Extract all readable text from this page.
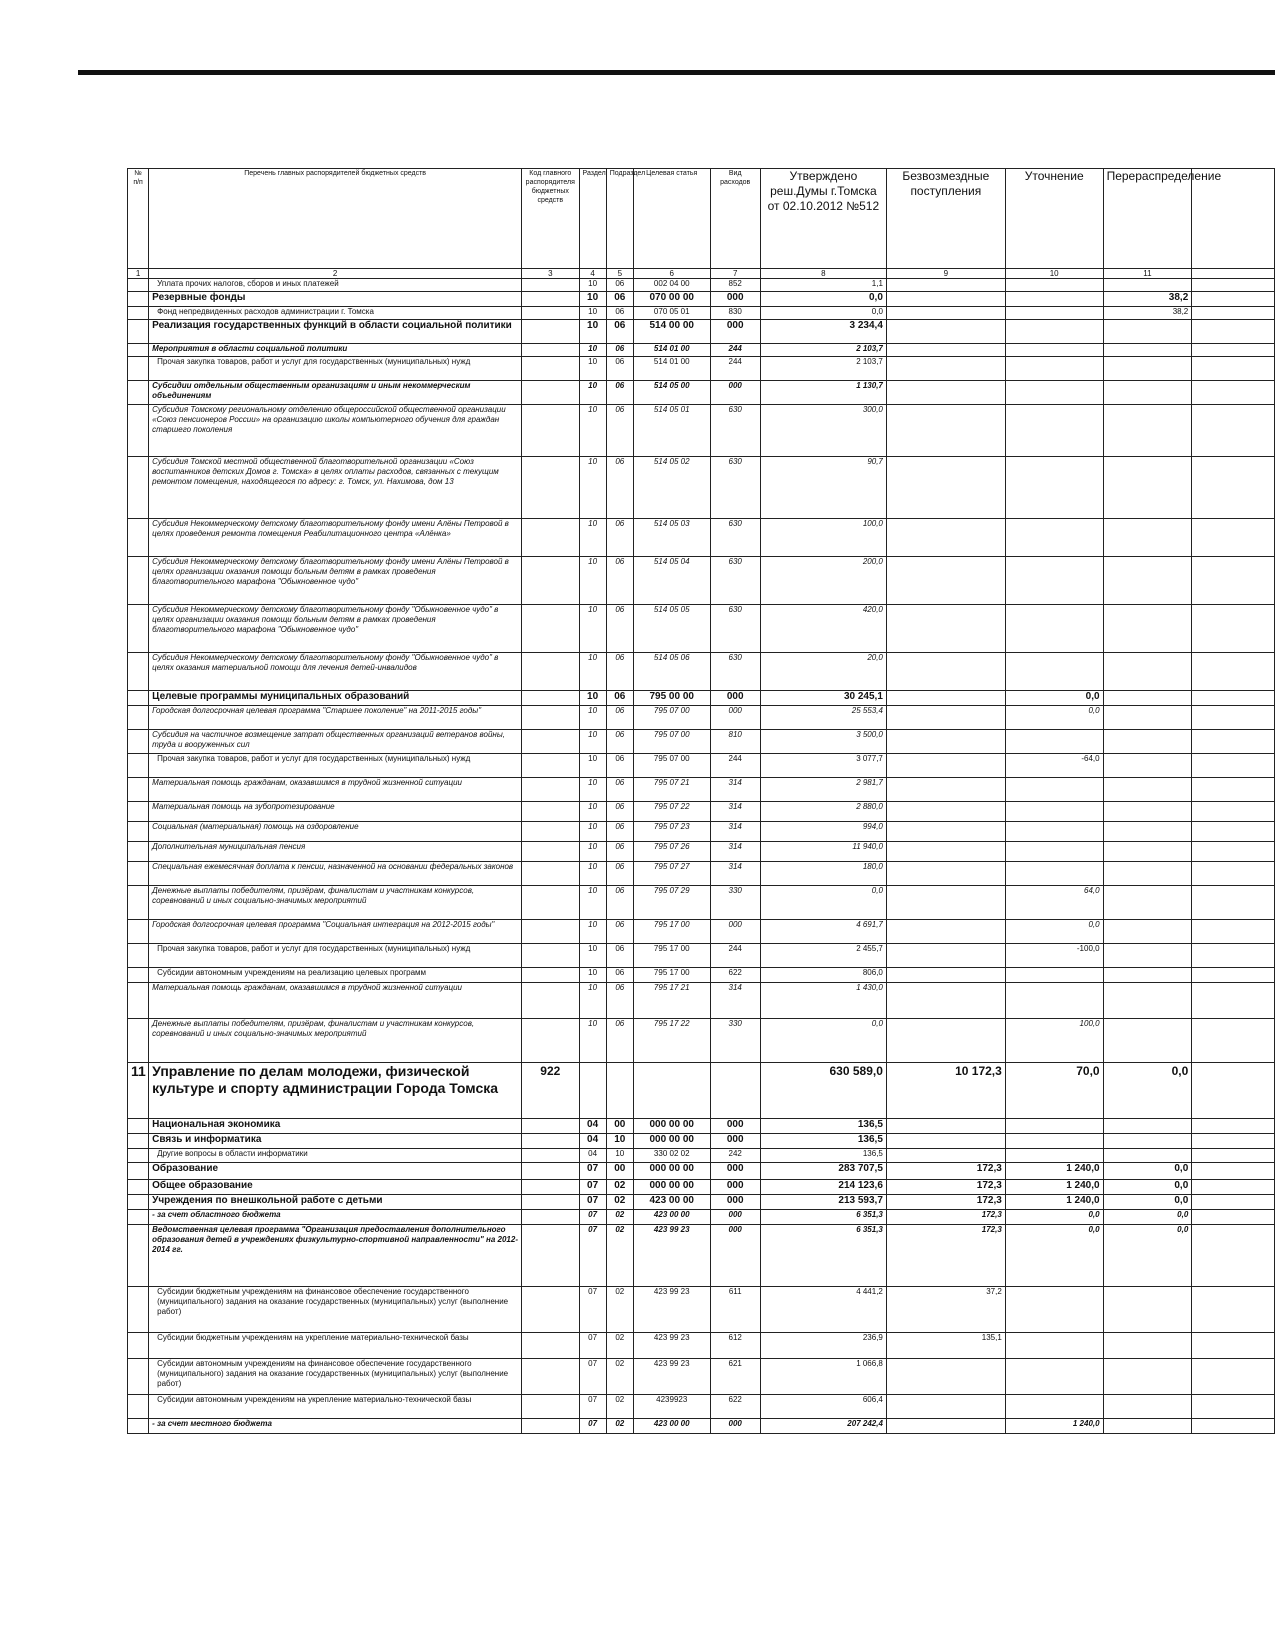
№ п/п	Перечень главных распорядителей бюджетных средств	Код главного распорядителя бюджетных средств	Раздел	Подраздел	Целевая статья	Вид расходов	Утверждено реш.Думы г.Томска от 02.10.2012 №512	Безвозмездные поступления	Уточнение	Перераспределение	
1	2	3	4	5	6	7	8	9	10	11	
	Уплата прочих налогов, сборов и иных платежей		10	06	002 04 00	852	1,1				
	Резервные фонды		10	06	070 00 00	000	0,0			38,2	
	Фонд непредвиденных расходов администрации г. Томска		10	06	070 05 01	830	0,0			38,2	
	Реализация государственных функций в области социальной политики		10	06	514 00 00	000	3 234,4				
	Мероприятия в области социальной политики		10	06	514 01 00	244	2 103,7				
	Прочая закупка товаров, работ и услуг для государственных (муниципальных) нужд		10	06	514 01 00	244	2 103,7				
	Субсидии отдельным общественным организациям и иным некоммерческим объединениям		10	06	514 05 00	000	1 130,7				
	Субсидия Томскому региональному отделению общероссийской общественной организации «Союз пенсионеров России» на организацию школы компьютерного обучения для граждан старшего поколения		10	06	514 05 01	630	300,0				
	Субсидия Томской местной общественной благотворительной организации «Союз воспитанников детских Домов г. Томска» в целях оплаты расходов, связанных с текущим ремонтом помещения, находящегося по адресу: г. Томск, ул. Нахимова, дом 13		10	06	514 05 02	630	90,7				
	Субсидия Некоммерческому детскому благотворительному фонду имени Алёны Петровой в целях проведения ремонта помещения Реабилитационного центра «Алёнка»		10	06	514 05 03	630	100,0				
	Субсидия Некоммерческому детскому благотворительному фонду имени Алёны Петровой в целях организации оказания помощи больным детям в рамках проведения благотворительного марафона "Обыкновенное чудо"		10	06	514 05 04	630	200,0				
	Субсидия Некоммерческому детскому благотворительному фонду "Обыкновенное чудо" в целях организации оказания помощи больным детям в рамках проведения благотворительного марафона "Обыкновенное чудо"		10	06	514 05 05	630	420,0				
	Субсидия Некоммерческому детскому благотворительному фонду "Обыкновенное чудо" в целях оказания материальной помощи для лечения детей-инвалидов		10	06	514 05 06	630	20,0				
	Целевые программы муниципальных образований		10	06	795 00 00	000	30 245,1		0,0		
	Городская долгосрочная целевая программа "Старшее поколение" на 2011-2015 годы"		10	06	795 07 00	000	25 553,4		0,0		
	Субсидия на частичное возмещение затрат общественных организаций ветеранов войны, труда и вооруженных сил		10	06	795 07 00	810	3 500,0				
	Прочая закупка товаров, работ и услуг для государственных (муниципальных) нужд		10	06	795 07 00	244	3 077,7		-64,0		
	Материальная помощь гражданам, оказавшимся в трудной жизненной ситуации		10	06	795 07 21	314	2 981,7				
	Материальная помощь на зубопротезирование		10	06	795 07 22	314	2 880,0				
	Социальная (материальная) помощь на оздоровление		10	06	795 07 23	314	994,0				
	Дополнительная муниципальная пенсия		10	06	795 07 26	314	11 940,0				
	Специальная ежемесячная доплата к пенсии, назначенной на основании федеральных законов		10	06	795 07 27	314	180,0				
	Денежные выплаты победителям, призёрам, финалистам и участникам конкурсов, соревнований и иных социально-значимых мероприятий		10	06	795 07 29	330	0,0		64,0		
	Городская долгосрочная целевая программа "Социальная интеграция на 2012-2015 годы"		10	06	795 17 00	000	4 691,7		0,0		
	Прочая закупка товаров, работ и услуг для государственных (муниципальных) нужд		10	06	795 17 00	244	2 455,7		-100,0		
	Субсидии автономным учреждениям на реализацию целевых программ		10	06	795 17 00	622	806,0				
	Материальная помощь гражданам, оказавшимся в трудной жизненной ситуации		10	06	795 17 21	314	1 430,0				
	Денежные выплаты победителям, призёрам, финалистам и участникам конкурсов, соревнований и иных социально-значимых мероприятий		10	06	795 17 22	330	0,0		100,0		
11	Управление по делам молодежи, физической культуре и спорту администрации Города Томска	922					630 589,0	10 172,3	70,0	0,0	
	Национальная экономика		04	00	000 00 00	000	136,5				
	Связь и информатика		04	10	000 00 00	000	136,5				
	Другие вопросы в области информатики		04	10	330 02 02	242	136,5				
	Образование		07	00	000 00 00	000	283 707,5	172,3	1 240,0	0,0	
	Общее образование		07	02	000 00 00	000	214 123,6	172,3	1 240,0	0,0	
	Учреждения по внешкольной работе с детьми		07	02	423 00 00	000	213 593,7	172,3	1 240,0	0,0	
	- за счет областного бюджета		07	02	423 00 00	000	6 351,3	172,3	0,0	0,0	
	Ведомственная целевая программа "Организация предоставления дополнительного образования детей в учреждениях физкультурно-спортивной направленности" на 2012-2014 гг.		07	02	423 99 23	000	6 351,3	172,3	0,0	0,0	
	Субсидии бюджетным учреждениям на финансовое обеспечение государственного (муниципального) задания на оказание государственных (муниципальных) услуг (выполнение работ)		07	02	423 99 23	611	4 441,2	37,2			
	Субсидии бюджетным учреждениям на укрепление материально-технической базы		07	02	423 99 23	612	236,9	135,1			
	Субсидии автономным учреждениям на финансовое обеспечение государственного (муниципального) задания на оказание государственных (муниципальных) услуг (выполнение работ)		07	02	423 99 23	621	1 066,8				
	Субсидии автономным учреждениям на укрепление материально-технической базы		07	02	4239923	622	606,4				
	- за счет местного бюджета		07	02	423 00 00	000	207 242,4		1 240,0		
